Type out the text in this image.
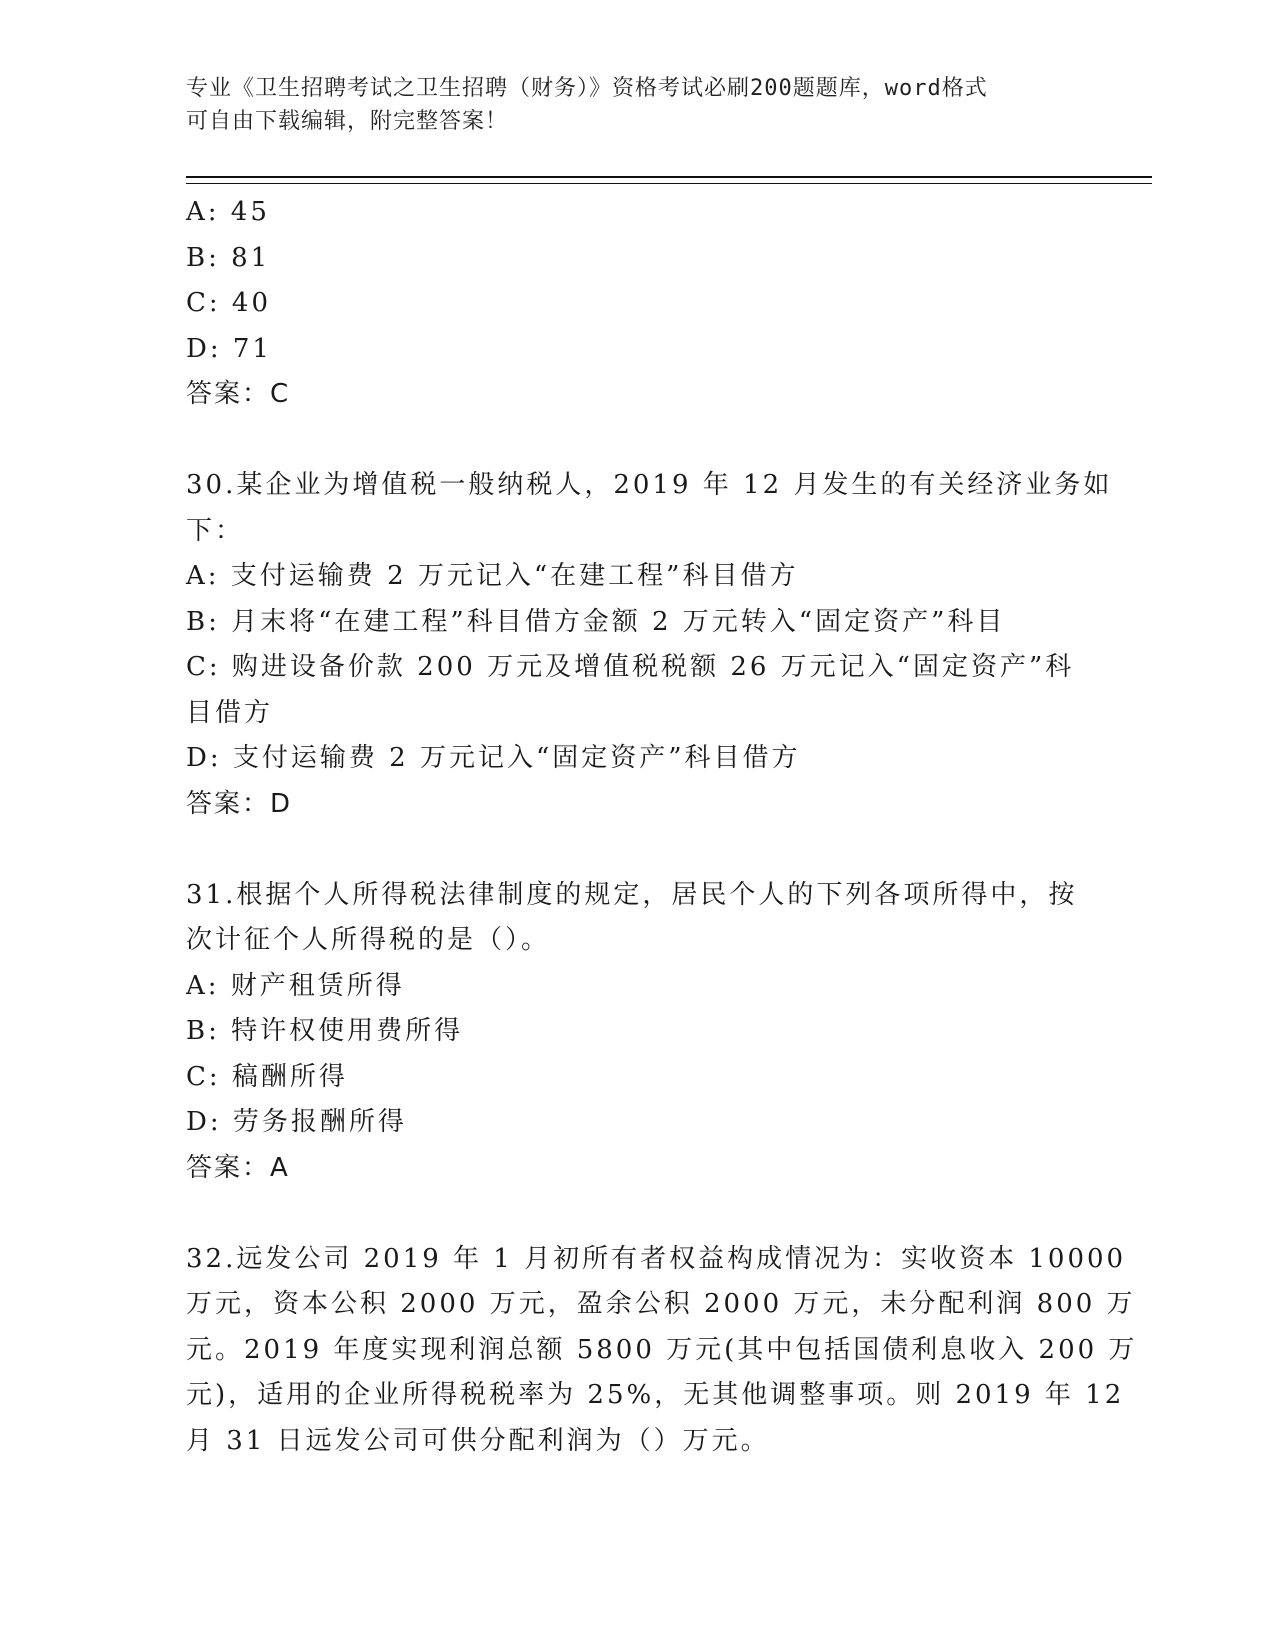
专业《卫生招聘考试之卫生招聘（财务）》资格考试必刷200题题库，word格式
可自由下载编辑，附完整答案！
A: 45
B: 81
C: 40
D: 71
答案：C
30.某企业为增值税一般纳税人，2019 年 12 月发生的有关经济业务如
下：
A: 支付运输费 2 万元记入“在建工程”科目借方
B: 月末将“在建工程”科目借方金额 2 万元转入“固定资产”科目
C: 购进设备价款 200 万元及增值税税额 26 万元记入“固定资产”科
目借方
D: 支付运输费 2 万元记入“固定资产”科目借方
答案：D
31.根据个人所得税法律制度的规定，居民个人的下列各项所得中，按
次计征个人所得税的是（）。
A: 财产租赁所得
B: 特许权使用费所得
C: 稿酬所得
D: 劳务报酬所得
答案：A
32.远发公司 2019 年 1 月初所有者权益构成情况为：实收资本 10000
万元，资本公积 2000 万元，盈余公积 2000 万元，未分配利润 800 万
元。2019 年度实现利润总额 5800 万元(其中包括国债利息收入 200 万
元)，适用的企业所得税税率为 25%，无其他调整事项。则 2019 年 12
月 31 日远发公司可供分配利润为（）万元。
